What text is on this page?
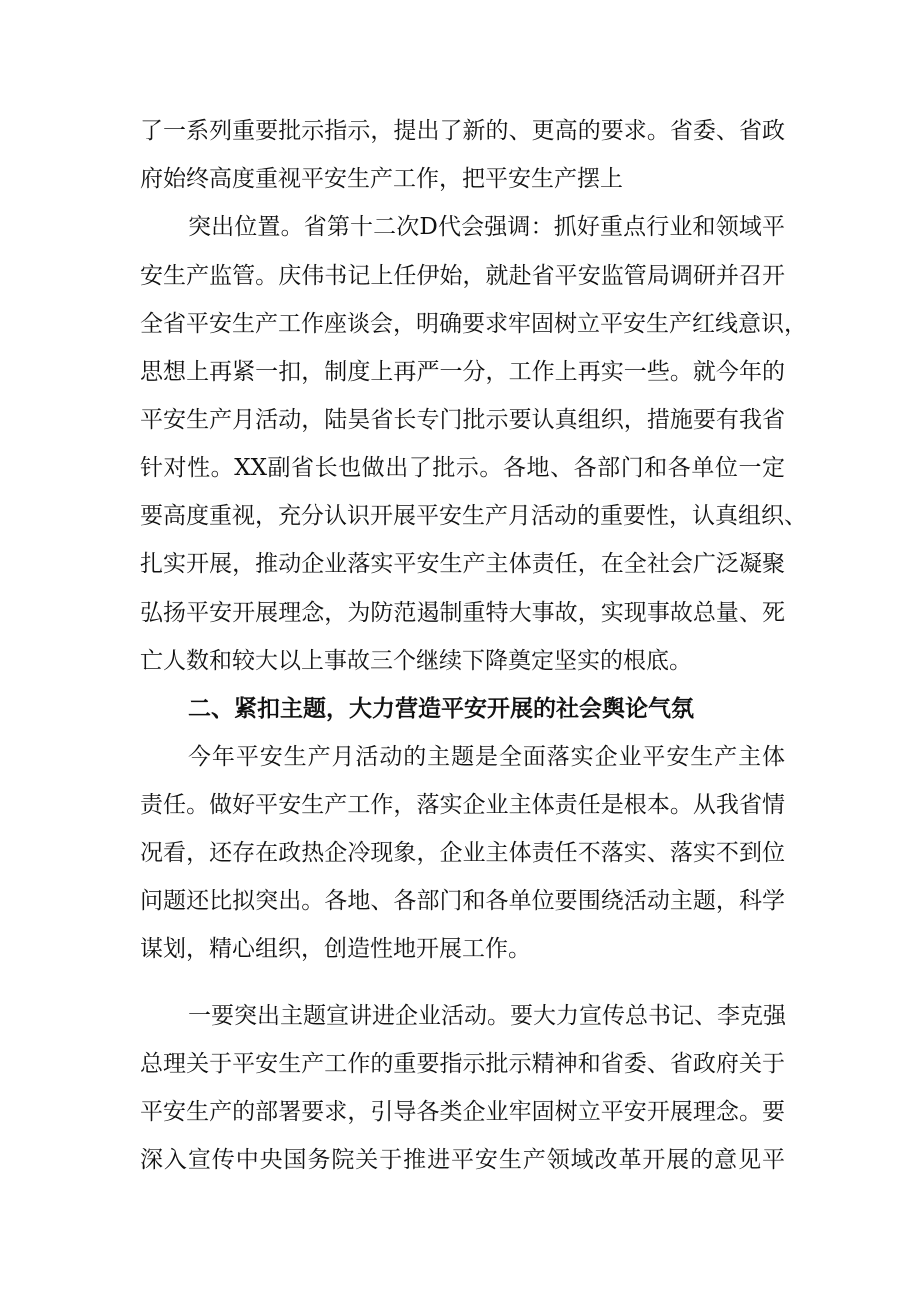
了一系列重要批示指示，提出了新的、更高的要求。省委、省政
府始终高度重视平安生产工作，把平安生产摆上
突出位置。省第十二次D代会强调：抓好重点行业和领域平
安生产监管。庆伟书记上任伊始，就赴省平安监管局调研并召开
全省平安生产工作座谈会，明确要求牢固树立平安生产红线意识，
思想上再紧一扣，制度上再严一分，工作上再实一些。就今年的
平安生产月活动，陆昊省长专门批示要认真组织，措施要有我省
针对性。XX副省长也做出了批示。各地、各部门和各单位一定
要高度重视，充分认识开展平安生产月活动的重要性，认真组织、
扎实开展，推动企业落实平安生产主体责任，在全社会广泛凝聚
弘扬平安开展理念，为防范遏制重特大事故，实现事故总量、死
亡人数和较大以上事故三个继续下降奠定坚实的根底。
二、紧扣主题，大力营造平安开展的社会舆论气氛
今年平安生产月活动的主题是全面落实企业平安生产主体
责任。做好平安生产工作，落实企业主体责任是根本。从我省情
况看，还存在政热企冷现象，企业主体责任不落实、落实不到位
问题还比拟突出。各地、各部门和各单位要围绕活动主题，科学
谋划，精心组织，创造性地开展工作。
一要突出主题宣讲进企业活动。要大力宣传总书记、李克强
总理关于平安生产工作的重要指示批示精神和省委、省政府关于
平安生产的部署要求，引导各类企业牢固树立平安开展理念。要
深入宣传中央国务院关于推进平安生产领域改革开展的意见平
